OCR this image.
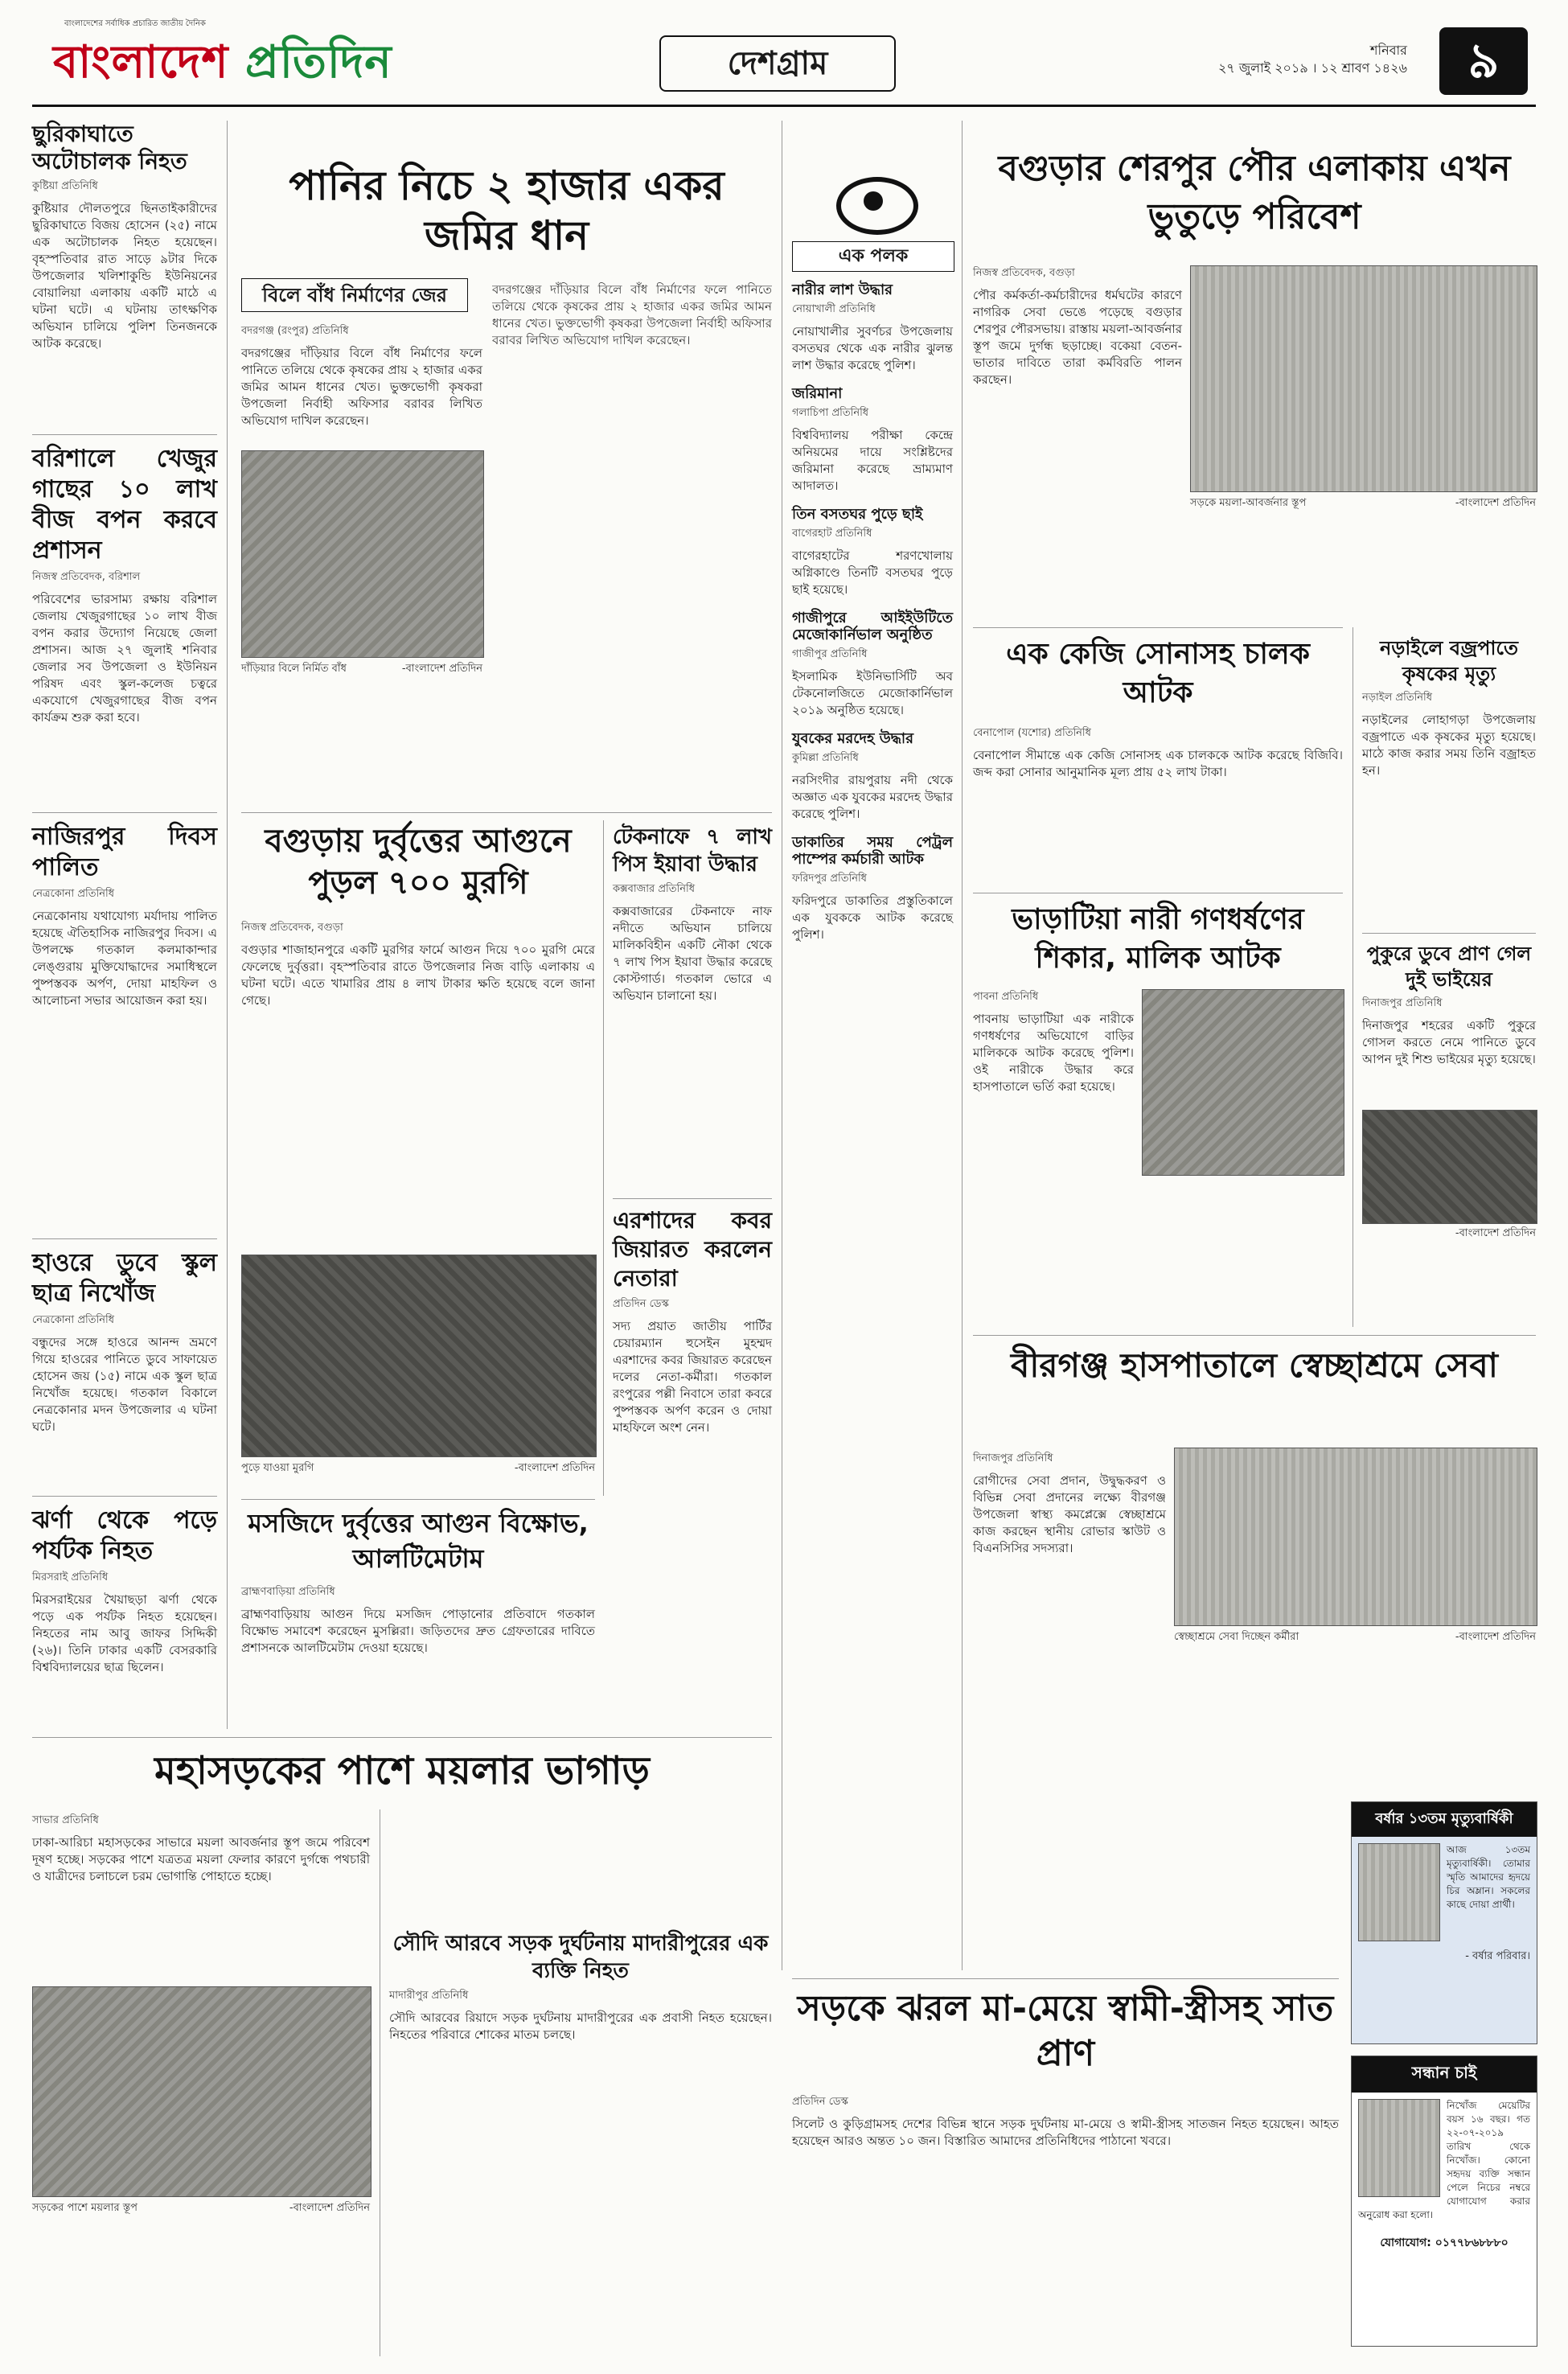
বাংলাদেশের সর্বাধিক প্রচারিত জাতীয় দৈনিক
বাংলাদেশ প্রতিদিন	দেশগ্রাম	শনিবার
২৭ জুলাই ২০১৯ । ১২ শ্রাবণ ১৪২৬	৯
ছুরিকাঘাতে অটোচালক নিহত
কুষ্টিয়া প্রতিনিধি
কুষ্টিয়ার দৌলতপুরে ছিনতাইকারীদের ছুরিকাঘাতে বিজয় হোসেন (২৫) নামে এক অটোচালক নিহত হয়েছেন। বৃহস্পতিবার রাত সাড়ে ৯টার দিকে উপজেলার খলিশাকুন্ডি ইউনিয়নের বোয়ালিয়া এলাকায় একটি মাঠে এ ঘটনা ঘটে। এ ঘটনায় তাৎক্ষণিক অভিযান চালিয়ে পুলিশ তিনজনকে আটক করেছে।
বরিশালে খেজুর গাছের ১০ লাখ বীজ বপন করবে প্রশাসন
নিজস্ব প্রতিবেদক, বরিশাল
পরিবেশের ভারসাম্য রক্ষায় বরিশাল জেলায় খেজুরগাছের ১০ লাখ বীজ বপন করার উদ্যোগ নিয়েছে জেলা প্রশাসন। আজ ২৭ জুলাই শনিবার জেলার সব উপজেলা ও ইউনিয়ন পরিষদ এবং স্কুল-কলেজ চত্বরে একযোগে খেজুরগাছের বীজ বপন কার্যক্রম শুরু করা হবে।
নাজিরপুর দিবস পালিত
নেত্রকোনা প্রতিনিধি
নেত্রকোনায় যথাযোগ্য মর্যাদায় পালিত হয়েছে ঐতিহাসিক নাজিরপুর দিবস। এ উপলক্ষে গতকাল কলমাকান্দার লেঙ্গুরায় মুক্তিযোদ্ধাদের সমাধিস্থলে পুষ্পস্তবক অর্পণ, দোয়া মাহফিল ও আলোচনা সভার আয়োজন করা হয়।
হাওরে ডুবে স্কুল ছাত্র নিখোঁজ
নেত্রকোনা প্রতিনিধি
বন্ধুদের সঙ্গে হাওরে আনন্দ ভ্রমণে গিয়ে হাওরের পানিতে ডুবে সাফায়েত হোসেন জয় (১৫) নামে এক স্কুল ছাত্র নিখোঁজ হয়েছে। গতকাল বিকালে নেত্রকোনার মদন উপজেলার এ ঘটনা ঘটে।
ঝর্ণা থেকে পড়ে পর্যটক নিহত
মিরসরাই প্রতিনিধি
মিরসরাইয়ের খৈয়াছড়া ঝর্ণা থেকে পড়ে এক পর্যটক নিহত হয়েছেন। নিহতের নাম আবু জাফর সিদ্দিকী (২৬)। তিনি ঢাকার একটি বেসরকারি বিশ্ববিদ্যালয়ের ছাত্র ছিলেন।
পানির নিচে ২ হাজার একর জমির ধান
বিলে বাঁধ নির্মাণের জের
বদরগঞ্জ (রংপুর) প্রতিনিধি
বদরগঞ্জের দাঁড়িয়ার বিলে বাঁধ নির্মাণের ফলে পানিতে তলিয়ে থেকে কৃষকের প্রায় ২ হাজার একর জমির আমন ধানের খেত। ভুক্তভোগী কৃষকরা উপজেলা নির্বাহী অফিসার বরাবর লিখিত অভিযোগ দাখিল করেছেন।
দাঁড়িয়ার বিলে নির্মিত বাঁধ	-বাংলাদেশ প্রতিদিন
বদরগঞ্জের দাঁড়িয়ার বিলে বাঁধ নির্মাণের ফলে পানিতে তলিয়ে থেকে কৃষকের প্রায় ২ হাজার একর জমির আমন ধানের খেত। ভুক্তভোগী কৃষকরা উপজেলা নির্বাহী অফিসার বরাবর লিখিত অভিযোগ দাখিল করেছেন।
বগুড়ায় দুর্বৃত্তের আগুনে পুড়ল ৭০০ মুরগি
নিজস্ব প্রতিবেদক, বগুড়া
বগুড়ার শাজাহানপুরে একটি মুরগির ফার্মে আগুন দিয়ে ৭০০ মুরগি মেরে ফেলেছে দুর্বৃত্তরা। বৃহস্পতিবার রাতে উপজেলার নিজ বাড়ি এলাকায় এ ঘটনা ঘটে। এতে খামারির প্রায় ৪ লাখ টাকার ক্ষতি হয়েছে বলে জানা গেছে।
পুড়ে যাওয়া মুরগি	-বাংলাদেশ প্রতিদিন
টেকনাফে ৭ লাখ পিস ইয়াবা উদ্ধার
কক্সবাজার প্রতিনিধি
কক্সবাজারের টেকনাফে নাফ নদীতে অভিযান চালিয়ে মালিকবিহীন একটি নৌকা থেকে ৭ লাখ পিস ইয়াবা উদ্ধার করেছে কোস্টগার্ড। গতকাল ভোরে এ অভিযান চালানো হয়।
এরশাদের কবর জিয়ারত করলেন নেতারা
প্রতিদিন ডেস্ক
সদ্য প্রয়াত জাতীয় পার্টির চেয়ারম্যান হুসেইন মুহম্মদ এরশাদের কবর জিয়ারত করেছেন দলের নেতা-কর্মীরা। গতকাল রংপুরের পল্লী নিবাসে তারা কবরে পুষ্পস্তবক অর্পণ করেন ও দোয়া মাহফিলে অংশ নেন।
মসজিদে দুর্বৃত্তের আগুন বিক্ষোভ, আলটিমেটাম
ব্রাহ্মণবাড়িয়া প্রতিনিধি
ব্রাহ্মণবাড়িয়ায় আগুন দিয়ে মসজিদ পোড়ানোর প্রতিবাদে গতকাল বিক্ষোভ সমাবেশ করেছেন মুসল্লিরা। জড়িতদের দ্রুত গ্রেফতারের দাবিতে প্রশাসনকে আলটিমেটাম দেওয়া হয়েছে।
এক পলক
নারীর লাশ উদ্ধার
নোয়াখালী প্রতিনিধি
নোয়াখালীর সুবর্ণচর উপজেলায় বসতঘর থেকে এক নারীর ঝুলন্ত লাশ উদ্ধার করেছে পুলিশ।
জরিমানা
গলাচিপা প্রতিনিধি
বিশ্ববিদ্যালয় পরীক্ষা কেন্দ্রে অনিয়মের দায়ে সংশ্লিষ্টদের জরিমানা করেছে ভ্রাম্যমাণ আদালত।
তিন বসতঘর পুড়ে ছাই
বাগেরহাট প্রতিনিধি
বাগেরহাটের শরণখোলায় অগ্নিকাণ্ডে তিনটি বসতঘর পুড়ে ছাই হয়েছে।
গাজীপুরে আইইউটিতে মেজোকার্নিভাল অনুষ্ঠিত
গাজীপুর প্রতিনিধি
ইসলামিক ইউনিভার্সিটি অব টেকনোলজিতে মেজোকার্নিভাল ২০১৯ অনুষ্ঠিত হয়েছে।
যুবকের মরদেহ উদ্ধার
কুমিল্লা প্রতিনিধি
নরসিংদীর রায়পুরায় নদী থেকে অজ্ঞাত এক যুবকের মরদেহ উদ্ধার করেছে পুলিশ।
ডাকাতির সময় পেট্রল পাম্পের কর্মচারী আটক
ফরিদপুর প্রতিনিধি
ফরিদপুরে ডাকাতির প্রস্তুতিকালে এক যুবককে আটক করেছে পুলিশ।
বগুড়ার শেরপুর পৌর এলাকায় এখন ভুতুড়ে পরিবেশ
নিজস্ব প্রতিবেদক, বগুড়া
পৌর কর্মকর্তা-কর্মচারীদের ধর্মঘটের কারণে নাগরিক সেবা ভেঙে পড়েছে বগুড়ার শেরপুর পৌরসভায়। রাস্তায় ময়লা-আবর্জনার স্তূপ জমে দুর্গন্ধ ছড়াচ্ছে। বকেয়া বেতন-ভাতার দাবিতে তারা কর্মবিরতি পালন করছেন।
সড়কে ময়লা-আবর্জনার স্তূপ	-বাংলাদেশ প্রতিদিন
এক কেজি সোনাসহ চালক আটক
বেনাপোল (যশোর) প্রতিনিধি
বেনাপোল সীমান্তে এক কেজি সোনাসহ এক চালককে আটক করেছে বিজিবি। জব্দ করা সোনার আনুমানিক মূল্য প্রায় ৫২ লাখ টাকা।
নড়াইলে বজ্রপাতে কৃষকের মৃত্যু
নড়াইল প্রতিনিধি
নড়াইলের লোহাগড়া উপজেলায় বজ্রপাতে এক কৃষকের মৃত্যু হয়েছে। মাঠে কাজ করার সময় তিনি বজ্রাহত হন।
পুকুরে ডুবে প্রাণ গেল দুই ভাইয়ের
দিনাজপুর প্রতিনিধি
দিনাজপুর শহরের একটি পুকুরে গোসল করতে নেমে পানিতে ডুবে আপন দুই শিশু ভাইয়ের মৃত্যু হয়েছে।
-বাংলাদেশ প্রতিদিন
ভাড়াটিয়া নারী গণধর্ষণের শিকার, মালিক আটক
পাবনা প্রতিনিধি
পাবনায় ভাড়াটিয়া এক নারীকে গণধর্ষণের অভিযোগে বাড়ির মালিককে আটক করেছে পুলিশ। ওই নারীকে উদ্ধার করে হাসপাতালে ভর্তি করা হয়েছে।
বীরগঞ্জ হাসপাতালে স্বেচ্ছাশ্রমে সেবা
দিনাজপুর প্রতিনিধি
রোগীদের সেবা প্রদান, উদ্বুদ্ধকরণ ও বিভিন্ন সেবা প্রদানের লক্ষ্যে বীরগঞ্জ উপজেলা স্বাস্থ্য কমপ্লেক্সে স্বেচ্ছাশ্রমে কাজ করছেন স্থানীয় রোভার স্কাউট ও বিএনসিসির সদস্যরা।
স্বেচ্ছাশ্রমে সেবা দিচ্ছেন কর্মীরা	-বাংলাদেশ প্রতিদিন
মহাসড়কের পাশে ময়লার ভাগাড়
সাভার প্রতিনিধি
ঢাকা-আরিচা মহাসড়কের সাভারে ময়লা আবর্জনার স্তূপ জমে পরিবেশ দূষণ হচ্ছে। সড়কের পাশে যত্রতত্র ময়লা ফেলার কারণে দুর্গন্ধে পথচারী ও যাত্রীদের চলাচলে চরম ভোগান্তি পোহাতে হচ্ছে।
সড়কের পাশে ময়লার স্তূপ	-বাংলাদেশ প্রতিদিন
সৌদি আরবে সড়ক দুর্ঘটনায় মাদারীপুরের এক ব্যক্তি নিহত
মাদারীপুর প্রতিনিধি
সৌদি আরবের রিয়াদে সড়ক দুর্ঘটনায় মাদারীপুরের এক প্রবাসী নিহত হয়েছেন। নিহতের পরিবারে শোকের মাতম চলছে।
সড়কে ঝরল মা-মেয়ে স্বামী-স্ত্রীসহ সাত প্রাণ
প্রতিদিন ডেস্ক
সিলেট ও কুড়িগ্রামসহ দেশের বিভিন্ন স্থানে সড়ক দুর্ঘটনায় মা-মেয়ে ও স্বামী-স্ত্রীসহ সাতজন নিহত হয়েছেন। আহত হয়েছেন আরও অন্তত ১০ জন। বিস্তারিত আমাদের প্রতিনিধিদের পাঠানো খবরে।
বর্ষার ১৩তম মৃত্যুবার্ষিকী
আজ ১৩তম মৃত্যুবার্ষিকী। তোমার স্মৃতি আমাদের হৃদয়ে চির অম্লান। সকলের কাছে দোয়া প্রার্থী।
- বর্ষার পরিবার।
সন্ধান চাই
নিখোঁজ মেয়েটির বয়স ১৬ বছর। গত ২২-০৭-২০১৯ তারিখ থেকে নিখোঁজ। কোনো সহৃদয় ব্যক্তি সন্ধান পেলে নিচের নম্বরে যোগাযোগ করার অনুরোধ করা হলো।
যোগাযোগ: ০১৭৭৮৬৮৮৮০
